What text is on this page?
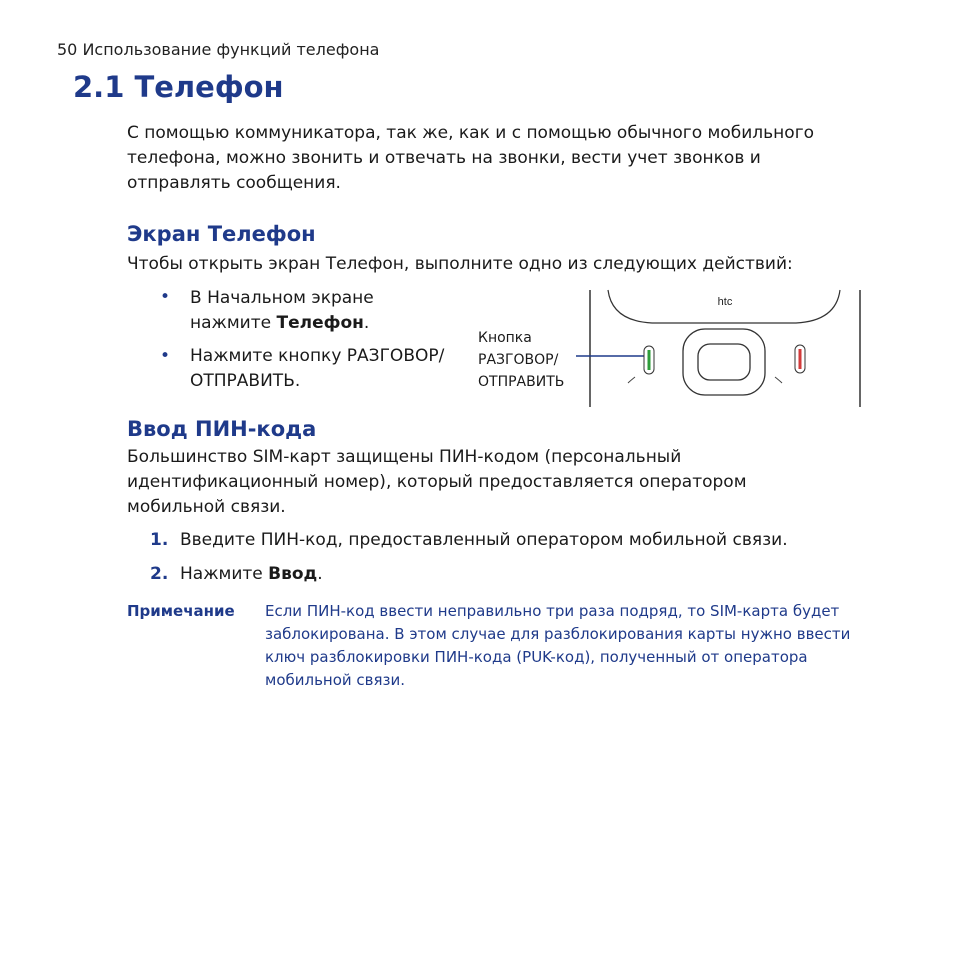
50 Использование функций телефона
2.1 Телефон
С помощью коммуникатора, так же, как и с помощью обычного мобильного
телефона, можно звонить и отвечать на звонки, вести учет звонков и
отправлять сообщения.
Экран Телефон
Чтобы открыть экран Телефон, выполните одно из следующих действий:
• В Начальном экране
нажмите Телефон.
• Нажмите кнопку РАЗГОВОР/
ОТПРАВИТЬ.
Кнопка
РАЗГОВОР/
ОТПРАВИТЬ
htc
Ввод ПИН-кода
Большинство SIM-карт защищены ПИН-кодом (персональный
идентификационный номер), который предоставляется оператором
мобильной связи.
1. Введите ПИН-код, предоставленный оператором мобильной связи.
2. Нажмите Ввод.
Примечание Если ПИН-код ввести неправильно три раза подряд, то SIM-карта будет
заблокирована. В этом случае для разблокирования карты нужно ввести
ключ разблокировки ПИН-кода (PUK-код), полученный от оператора
мобильной связи.
